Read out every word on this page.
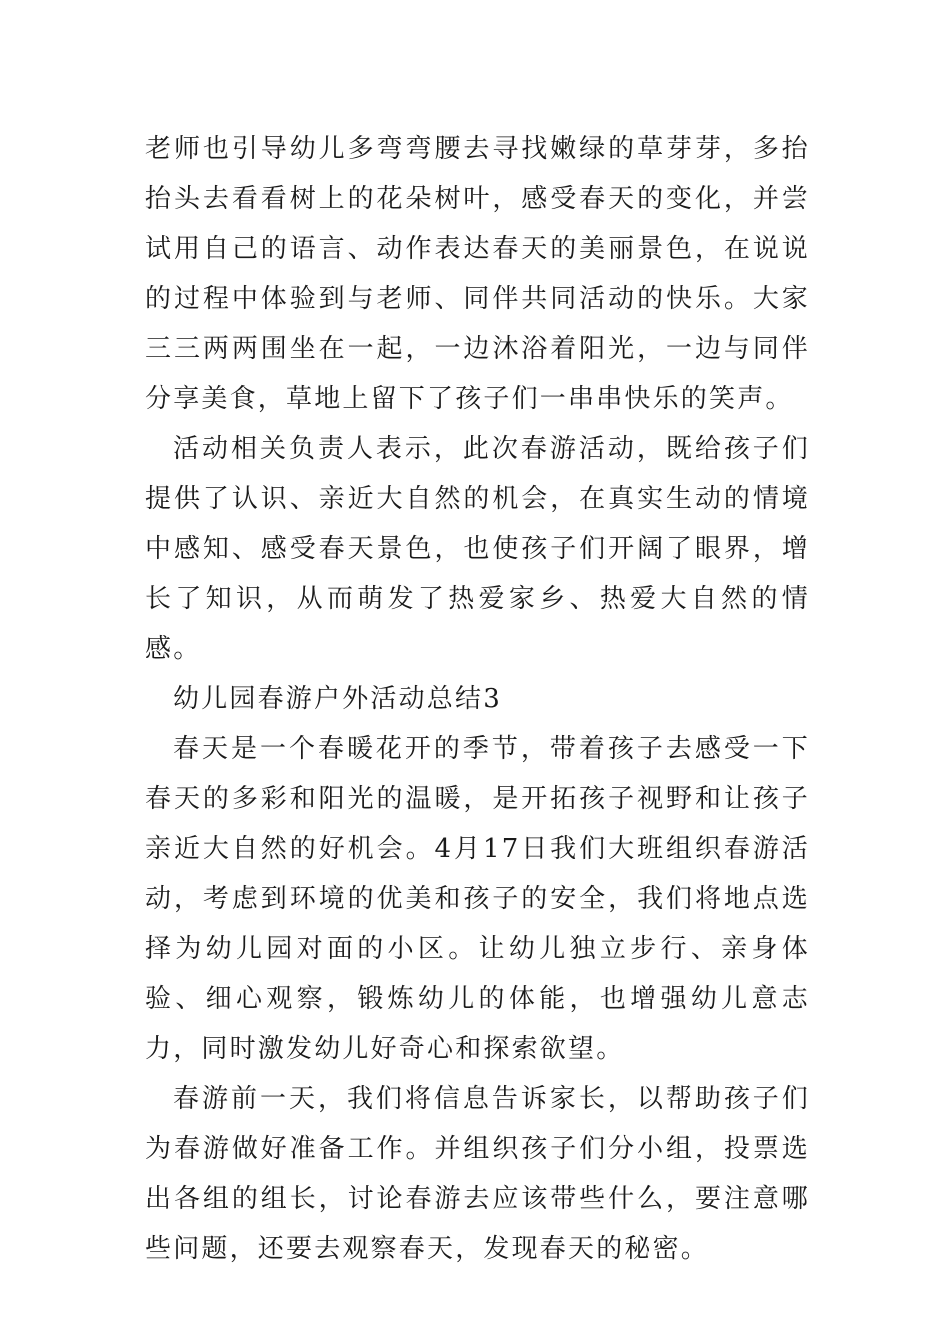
老师也引导幼儿多弯弯腰去寻找嫩绿的草芽芽，多抬抬头去看看树上的花朵树叶，感受春天的变化，并尝试用自己的语言、动作表达春天的美丽景色，在说说的过程中体验到与老师、同伴共同活动的快乐。大家三三两两围坐在一起，一边沐浴着阳光，一边与同伴分享美食，草地上留下了孩子们一串串快乐的笑声。

活动相关负责人表示，此次春游活动，既给孩子们提供了认识、亲近大自然的机会，在真实生动的情境中感知、感受春天景色，也使孩子们开阔了眼界，增长了知识，从而萌发了热爱家乡、热爱大自然的情感。

幼儿园春游户外活动总结3

春天是一个春暖花开的季节，带着孩子去感受一下春天的多彩和阳光的温暖，是开拓孩子视野和让孩子亲近大自然的好机会。4月17日我们大班组织春游活动，考虑到环境的优美和孩子的安全，我们将地点选择为幼儿园对面的小区。让幼儿独立步行、亲身体验、细心观察，锻炼幼儿的体能，也增强幼儿意志力，同时激发幼儿好奇心和探索欲望。

春游前一天，我们将信息告诉家长，以帮助孩子们为春游做好准备工作。并组织孩子们分小组，投票选出各组的组长，讨论春游去应该带些什么，要注意哪些问题，还要去观察春天，发现春天的秘密。
